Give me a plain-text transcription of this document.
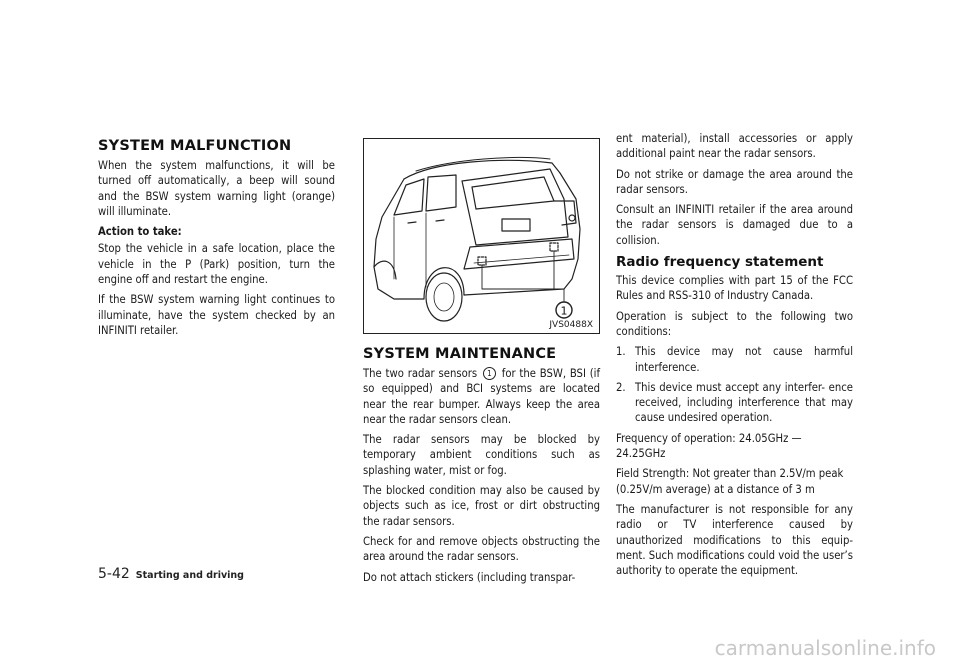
SYSTEM MALFUNCTION

When the system malfunctions, it will be turned off automatically, a beep will sound and the BSW system warning light (orange) will illuminate.

Action to take:

Stop the vehicle in a safe location, place the vehicle in the P (Park) position, turn the engine off and restart the engine.

If the BSW system warning light continues to illuminate, have the system checked by an INFINITI retailer.

1
JVS0488X
SYSTEM MAINTENANCE

The two radar sensors 1 for the BSW, BSI (if so equipped) and BCI systems are located near the rear bumper. Always keep the area near the radar sensors clean.

The radar sensors may be blocked by temporary ambient conditions such as splashing water, mist or fog.

The blocked condition may also be caused by objects such as ice, frost or dirt obstructing the radar sensors.

Check for and remove objects obstructing the area around the radar sensors.

Do not attach stickers (including transpar-

ent material), install accessories or apply additional paint near the radar sensors.

Do not strike or damage the area around the radar sensors.

Consult an INFINITI retailer if the area around the radar sensors is damaged due to a collision.

Radio frequency statement

This device complies with part 15 of the FCC Rules and RSS-310 of Industry Canada.

Operation is subject to the following two conditions:

1. This device may not cause harmful interference.
2. This device must accept any interfer- ence received, including interference that may cause undesired operation.

Frequency of operation: 24.05GHz — 24.25GHz

Field Strength: Not greater than 2.5V/m peak (0.25V/m average) at a distance of 3 m

The manufacturer is not responsible for any radio or TV interference caused by unauthorized modifications to this equip- ment. Such modifications could void the user’s authority to operate the equipment.

5-42 Starting and driving
carmanualsonline.info
